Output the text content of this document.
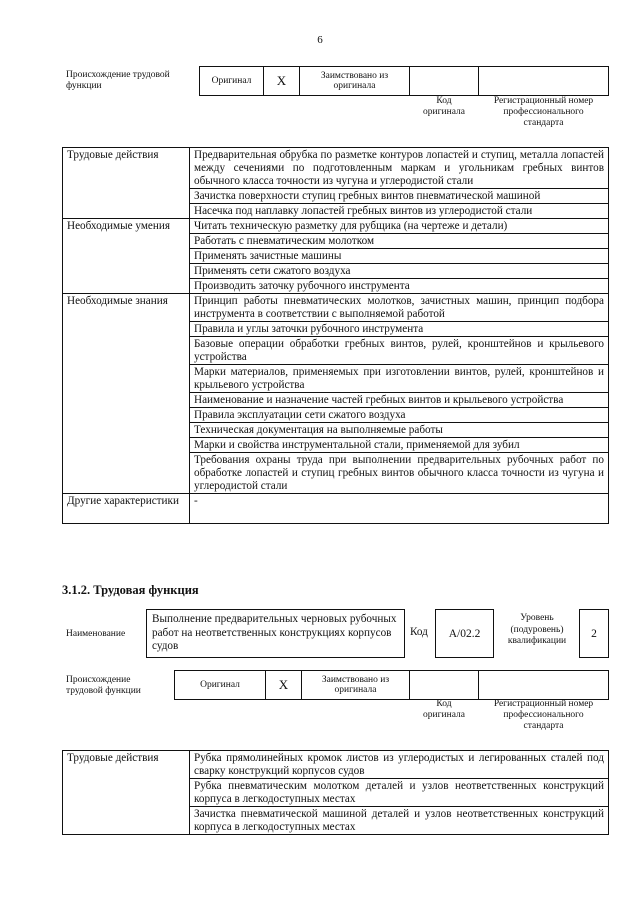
6
Происхождение трудовой
функции	Оригинал X	Заимствовано из
оригинала
Код
оригинала
Регистрационный номер
профессионального
стандарта
Трудовые действия	Предварительная обрубка по разметке контуров лопастей и ступиц, металла лопастей между сечениями по подготовленным маркам и угольникам гребных винтов обычного класса точности из чугуна и углеродистой стали
	Зачистка поверхности ступиц гребных винтов пневматической машиной
	Насечка под наплавку лопастей гребных винтов из углеродистой стали
Необходимые умения	Читать техническую разметку для рубщика (на чертеже и детали)
	Работать с пневматическим молотком
	Применять зачистные машины
	Применять сети сжатого воздуха
	Производить заточку рубочного инструмента
Необходимые знания	Принцип работы пневматических молотков, зачистных машин, принцип подбора инструмента в соответствии с выполняемой работой
	Правила и углы заточки рубочного инструмента
	Базовые операции обработки гребных винтов, рулей, кронштейнов и крыльевого устройства
	Марки материалов, применяемых при изготовлении винтов, рулей, кронштейнов и крыльевого устройства
	Наименование и назначение частей гребных винтов и крыльевого устройства
	Правила эксплуатации сети сжатого воздуха
	Техническая документация на выполняемые работы
	Марки и свойства инструментальной стали, применяемой для зубил
	Требования охраны труда при выполнении предварительных рубочных работ по обработке лопастей и ступиц гребных винтов обычного класса точности из чугуна и углеродистой стали
Другие характеристики	-
3.1.2. Трудовая функция
Наименование
Выполнение предварительных черновых рубочных работ на неответственных конструкциях корпусов судов
Код A/02.2
Уровень
(подуровень)
квалификации
2
Происхождение
трудовой функции
Оригинал	X	Заимствовано из
оригинала
Код
оригинала
Регистрационный номер
профессионального
стандарта
Трудовые действия	Рубка прямолинейных кромок листов из углеродистых и легированных сталей под сварку конструкций корпусов судов
Рубка пневматическим молотком деталей и узлов неответственных конструкций корпуса в легкодоступных местах
Зачистка пневматической машиной деталей и узлов неответственных конструкций корпуса в легкодоступных местах
